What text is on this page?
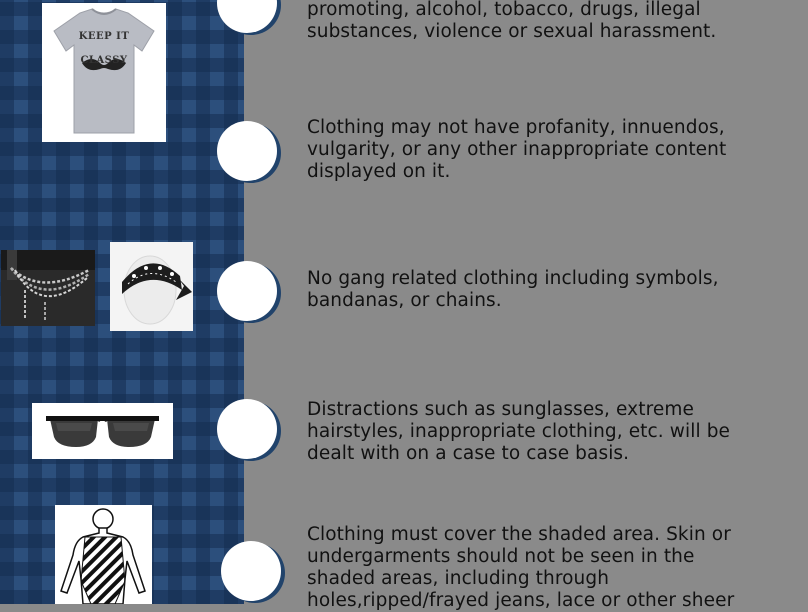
KEEP IT
CLASSY
promoting, alcohol, tobacco, drugs, illegal substances, violence or sexual harassment.
Clothing may not have profanity, innuendos, vulgarity, or any other inappropriate content displayed on it.
No gang related clothing including symbols, bandanas, or chains.
Distractions such as sunglasses, extreme hairstyles, inappropriate clothing, etc. will be dealt with on a case to case basis.
Clothing must cover the shaded area. Skin or undergarments should not be seen in the shaded areas, including through holes,ripped/frayed jeans, lace or other sheer
